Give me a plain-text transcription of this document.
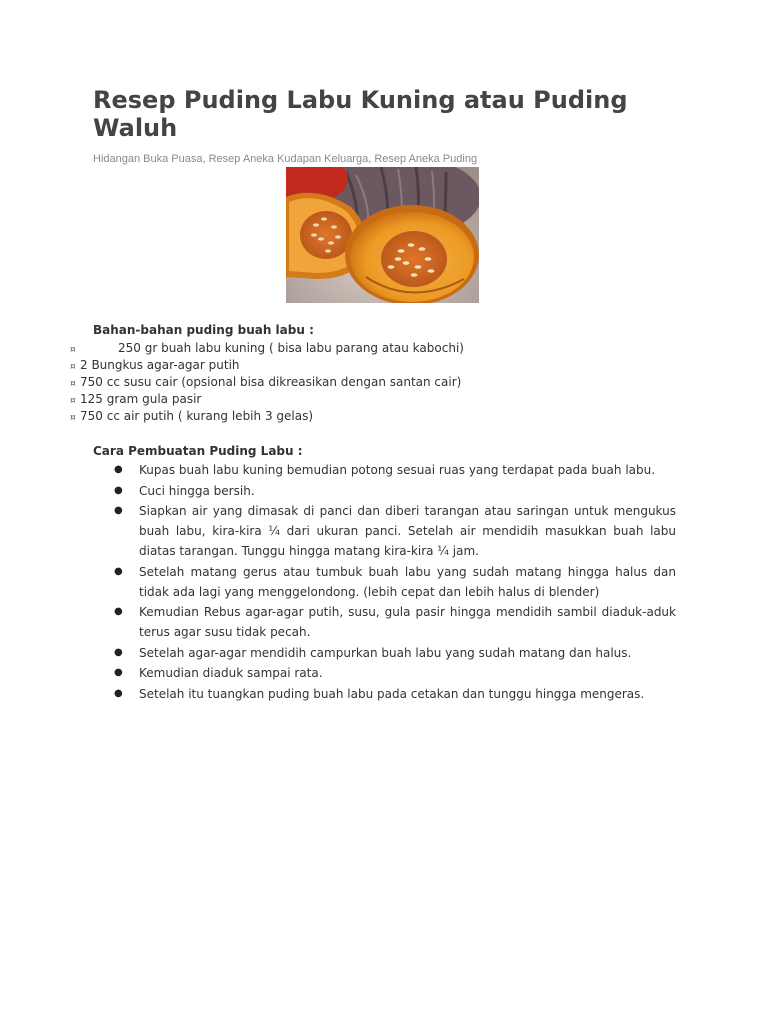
Resep Puding Labu Kuning atau Puding Waluh
Hidangan Buka Puasa, Resep Aneka Kudapan Keluarga, Resep Aneka Puding
Bahan-bahan puding buah labu :
¤	250 gr buah labu kuning ( bisa labu parang atau kabochi)
¤ 2 Bungkus agar-agar putih
¤ 750 cc susu cair (opsional bisa dikreasikan dengan santan cair)
¤ 125 gram gula pasir
¤ 750 cc air putih ( kurang lebih 3 gelas)
Cara Pembuatan Puding Labu :
● Kupas buah labu kuning bemudian potong sesuai ruas yang terdapat pada buah labu.
● Cuci hingga bersih.
● Siapkan air yang dimasak di panci dan diberi tarangan atau saringan untuk mengukus buah labu, kira-kira ¼ dari ukuran panci. Setelah air mendidih masukkan buah labu diatas tarangan. Tunggu hingga matang kira-kira ¼ jam.
● Setelah matang gerus atau tumbuk buah labu yang sudah matang hingga halus dan tidak ada lagi yang menggelondong. (lebih cepat dan lebih halus di blender)
● Kemudian Rebus agar-agar putih, susu, gula pasir hingga mendidih sambil diaduk-aduk terus agar susu tidak pecah.
● Setelah agar-agar mendidih campurkan buah labu yang sudah matang dan halus.
● Kemudian diaduk sampai rata.
● Setelah itu tuangkan puding buah labu pada cetakan dan tunggu hingga mengeras.
